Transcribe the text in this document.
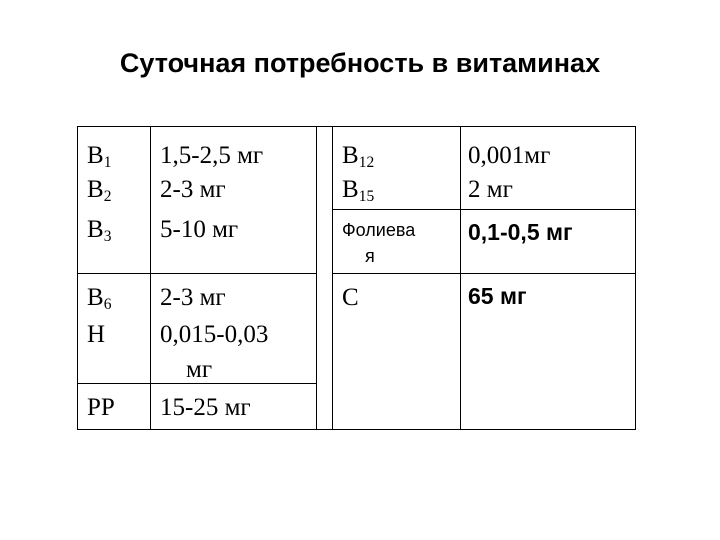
Суточная потребность в витаминах
$B_1$
$B_2$
$B_3$
$B_6$
H
PP
1,5-2,5 мг
2-3 мг
5-10 мг
2-3 мг
0,015-0,03
мг
15-25 мг
$B_{12}$
$B_{15}$
Фолиева
я
C
0,001мг
2 мг
0,1-0,5 мг
65 мг
